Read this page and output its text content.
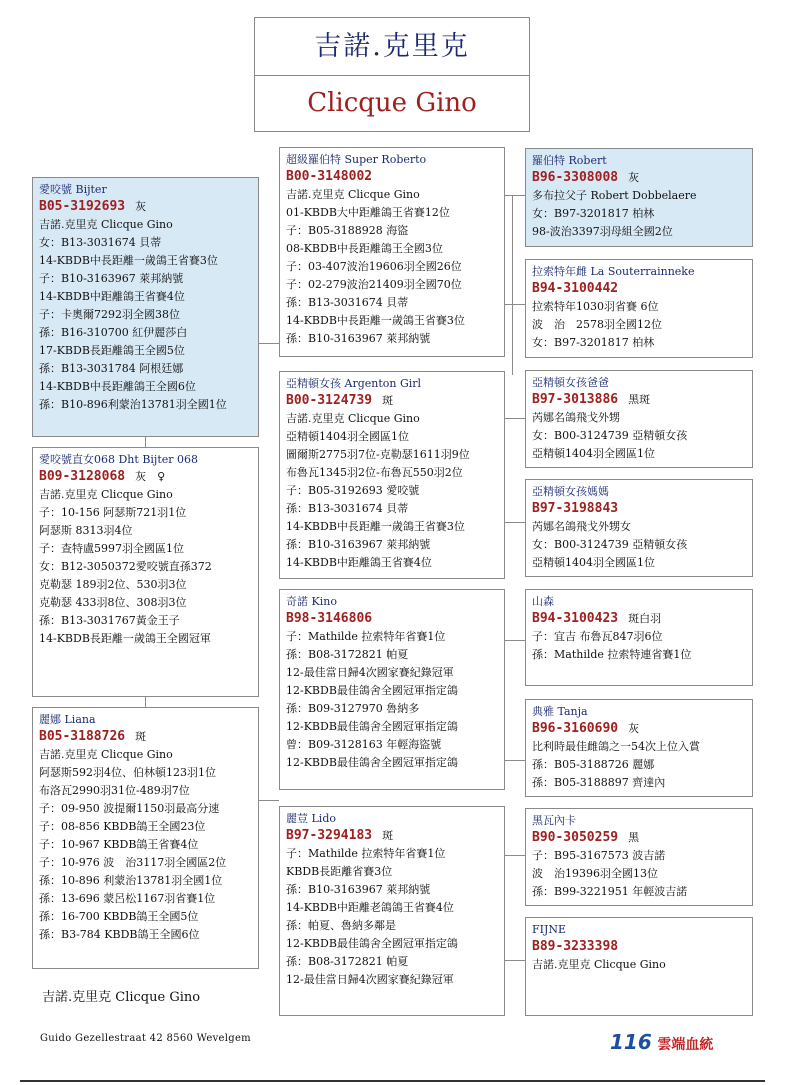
吉諾.克里克
Clicque Gino
愛咬號 Bijter
B05-3192693 灰
吉諾.克里克 Clicque Gino
女：B13-3031674 貝蒂
14-KBDB中長距離一歲鴿王省賽3位
子：B10-3163967 萊邦納號
14-KBDB中距離鴿王省賽4位
子：卡奧爾7292羽全國38位
孫：B16-310700 紅伊麗莎白
17-KBDB長距離鴿王全國5位
孫：B13-3031784 阿根廷娜
14-KBDB中長距離鴿王全國6位
孫：B10-896利蒙治13781羽全國1位
愛咬號直女068 Dht Bijter 068
B09-3128068 灰　♀
吉諾.克里克 Clicque Gino
子：10-156 阿瑟斯721羽1位
阿瑟斯 8313羽4位
子：查特盧5997羽全國區1位
女：B12-3050372愛咬號直孫372
克勒瑟 189羽2位、530羽3位
克勒瑟 433羽8位、308羽3位
孫：B13-3031767黃金王子
14-KBDB長距離一歲鴿王全國冠軍
麗娜 Liana
B05-3188726 斑
吉諾.克里克 Clicque Gino
阿瑟斯592羽4位、伯林頓123羽1位
布洛瓦2990羽31位-489羽7位
子：09-950 波提爾1150羽最高分速
子：08-856 KBDB鴿王全國23位
子：10-967 KBDB鴿王省賽4位
子：10-976 波　治3117羽全國區2位
孫：10-896 利蒙治13781羽全國1位
孫：13-696 蒙呂松1167羽省賽1位
孫：16-700 KBDB鴿王全國5位
孫：B3-784 KBDB鴿王全國6位
超級羅伯特 Super Roberto
B00-3148002
吉諾.克里克 Clicque Gino
01-KBDB大中距離鴿王省賽12位
子：B05-3188928 海盜
08-KBDB中長距離鴿王全國3位
子：03-407波治19606羽全國26位
子：02-279波治21409羽全國70位
孫：B13-3031674 貝蒂
14-KBDB中長距離一歲鴿王省賽3位
孫：B10-3163967 萊邦納號
亞精頓女孩 Argenton Girl
B00-3124739 斑
吉諾.克里克 Clicque Gino
亞精頓1404羽全國區1位
圖爾斯2775羽7位-克勒瑟1611羽9位
布魯瓦1345羽2位-布魯瓦550羽2位
子：B05-3192693 愛咬號
孫：B13-3031674 貝蒂
14-KBDB中長距離一歲鴿王省賽3位
孫：B10-3163967 萊邦納號
14-KBDB中距離鴿王省賽4位
奇諾 Kino
B98-3146806
子：Mathilde 拉索特年省賽1位
孫：B08-3172821 帕夏
12-最佳當日歸4次國家賽紀錄冠軍
12-KBDB最佳鴿舍全國冠軍指定鴿
孫：B09-3127970 魯納多
12-KBDB最佳鴿舍全國冠軍指定鴿
曾：B09-3128163 年輕海盜號
12-KBDB最佳鴿舍全國冠軍指定鴿
麗荳 Lido
B97-3294183 斑
子：Mathilde 拉索特年省賽1位
KBDB長距離省賽3位
孫：B10-3163967 萊邦納號
14-KBDB中距離老鴿鴿王省賽4位
孫：帕夏、魯納多鄰是
12-KBDB最佳鴿舍全國冠軍指定鴿
孫：B08-3172821 帕夏
12-最佳當日歸4次國家賽紀錄冠軍
羅伯特 Robert
B96-3308008 灰
多布拉父子 Robert Dobbelaere
女：B97-3201817 柏林
98-波治3397羽母組全國2位
拉索特年雌 La Souterrainneke
B94-3100442
拉索特年1030羽省賽 6位
波　治　2578羽全國12位
女：B97-3201817 柏林
亞精頓女孩爸爸
B97-3013886 黑斑
芮娜名鴿飛戈外甥
女：B00-3124739 亞精頓女孩
亞精頓1404羽全國區1位
亞精頓女孩媽媽
B97-3198843
芮娜名鴿飛戈外甥女
女：B00-3124739 亞精頓女孩
亞精頓1404羽全國區1位
山森
B94-3100423 斑白羽
子：宜吉 布魯瓦847羽6位
孫：Mathilde 拉索特連省賽1位
典雅 Tanja
B96-3160690 灰
比利時最佳雌鴿之一54次上位入賞
孫：B05-3188726 麗娜
孫：B05-3188897 齊達內
黑瓦內卡
B90-3050259 黑
子：B95-3167573 波吉諾
波　治19396羽全國13位
孫：B99-3221951 年輕波吉諾
FIJNE
B89-3233398
吉諾.克里克 Clicque Gino
吉諾.克里克 Clicque Gino
Guido Gezellestraat 42 8560 Wevelgem	116 雲端血統
